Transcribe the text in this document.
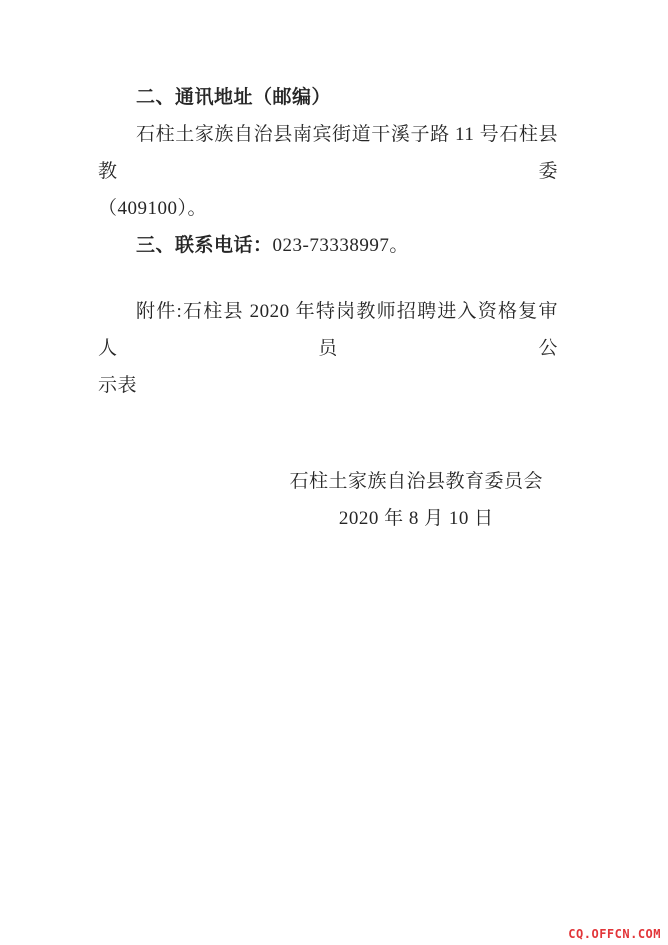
二、通讯地址（邮编）

石柱土家族自治县南宾街道干溪子路 11 号石柱县教委

（409100）。

三、联系电话：023-73338997。

附件:石柱县 2020 年特岗教师招聘进入资格复审人员公

示表

石柱土家族自治县教育委员会
2020 年 8 月 10 日
CQ.OFFCN.COM
